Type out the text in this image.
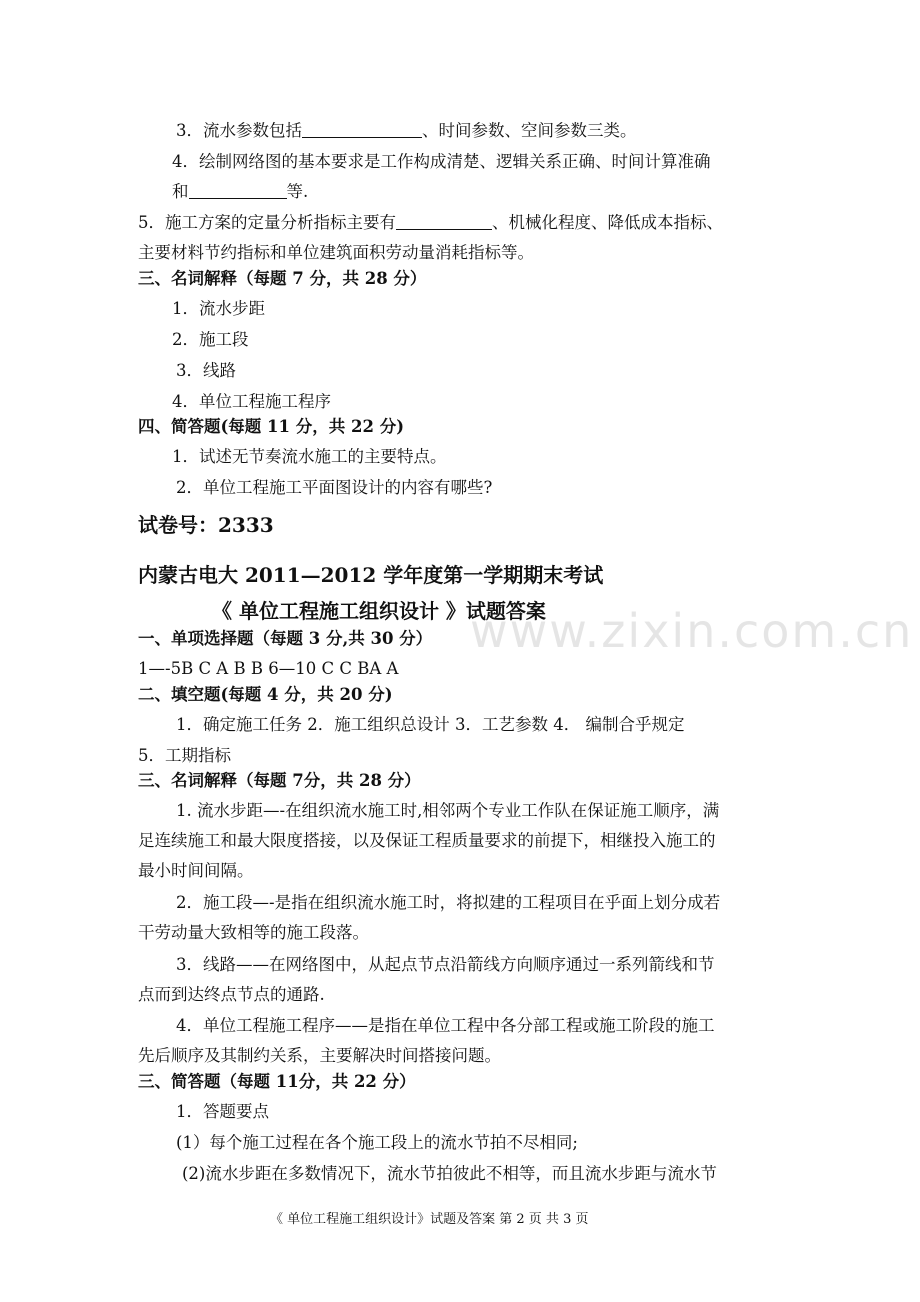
3．流水参数包括	、时间参数、空间参数三类。
4．绘制网络图的基本要求是工作构成清楚、逻辑关系正确、时间计算准确
和	等.
5．施工方案的定量分析指标主要有	、机械化程度、降低成本指标、
主要材料节约指标和单位建筑面积劳动量消耗指标等。
三、名词解释（每题 7 分，共 28 分）
1．流水步距
2．施工段
3．线路
4．单位工程施工程序
四、简答题(每题 11 分，共 22 分)
1．试述无节奏流水施工的主要特点。
2．单位工程施工平面图设计的内容有哪些?
试卷号：2333
内蒙古电大 2011—2012 学年度第一学期期末考试
《 单位工程施工组织设计 》试题答案
www.zixin.com.cn
一、单项选择题（每题 3 分,共 30 分）
1—-5B C A B B 6—10 C C BA A
二、填空题(每题 4 分，共 20 分)
1．确定施工任务 2．施工组织总设计 3．工艺参数 4． 编制合乎规定
5．工期指标
三、名词解释（每题 7分，共 28 分）
1. 流水步距—-在组织流水施工时,相邻两个专业工作队在保证施工顺序，满
足连续施工和最大限度搭接，以及保证工程质量要求的前提下，相继投入施工的
最小时间间隔。
2．施工段—-是指在组织流水施工时，将拟建的工程项目在乎面上划分成若
干劳动量大致相等的施工段落。
3．线路——在网络图中，从起点节点沿箭线方向顺序通过一系列箭线和节
点而到达终点节点的通路.
4．单位工程施工程序——是指在单位工程中各分部工程或施工阶段的施工
先后顺序及其制约关系，主要解决时间搭接问题。
三、简答题（每题 11分，共 22 分）
1．答题要点
(1）每个施工过程在各个施工段上的流水节拍不尽相同;
(2)流水步距在多数情况下，流水节拍彼此不相等，而且流水步距与流水节
《 单位工程施工组织设计》试题及答案 第 2 页 共 3 页
